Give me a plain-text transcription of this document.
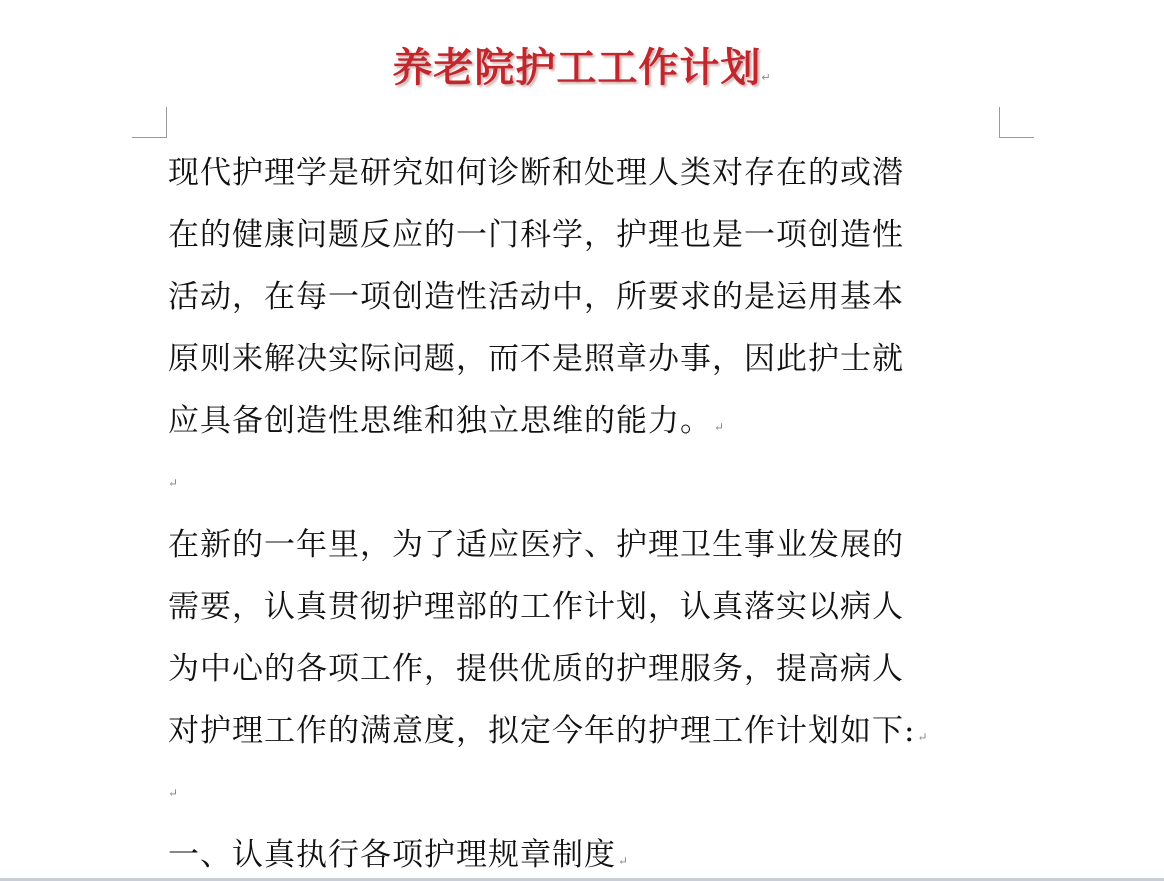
养老院护工工作计划↵
现代护理学是研究如何诊断和处理人类对存在的或潜
在的健康问题反应的一门科学，护理也是一项创造性
活动，在每一项创造性活动中，所要求的是运用基本
原则来解决实际问题，而不是照章办事，因此护士就
应具备创造性思维和独立思维的能力。 ↵
↵
在新的一年里，为了适应医疗、护理卫生事业发展的
需要，认真贯彻护理部的工作计划，认真落实以病人
为中心的各项工作，提供优质的护理服务，提高病人
对护理工作的满意度，拟定今年的护理工作计划如下: ↵
↵
一、认真执行各项护理规章制度 ↵
